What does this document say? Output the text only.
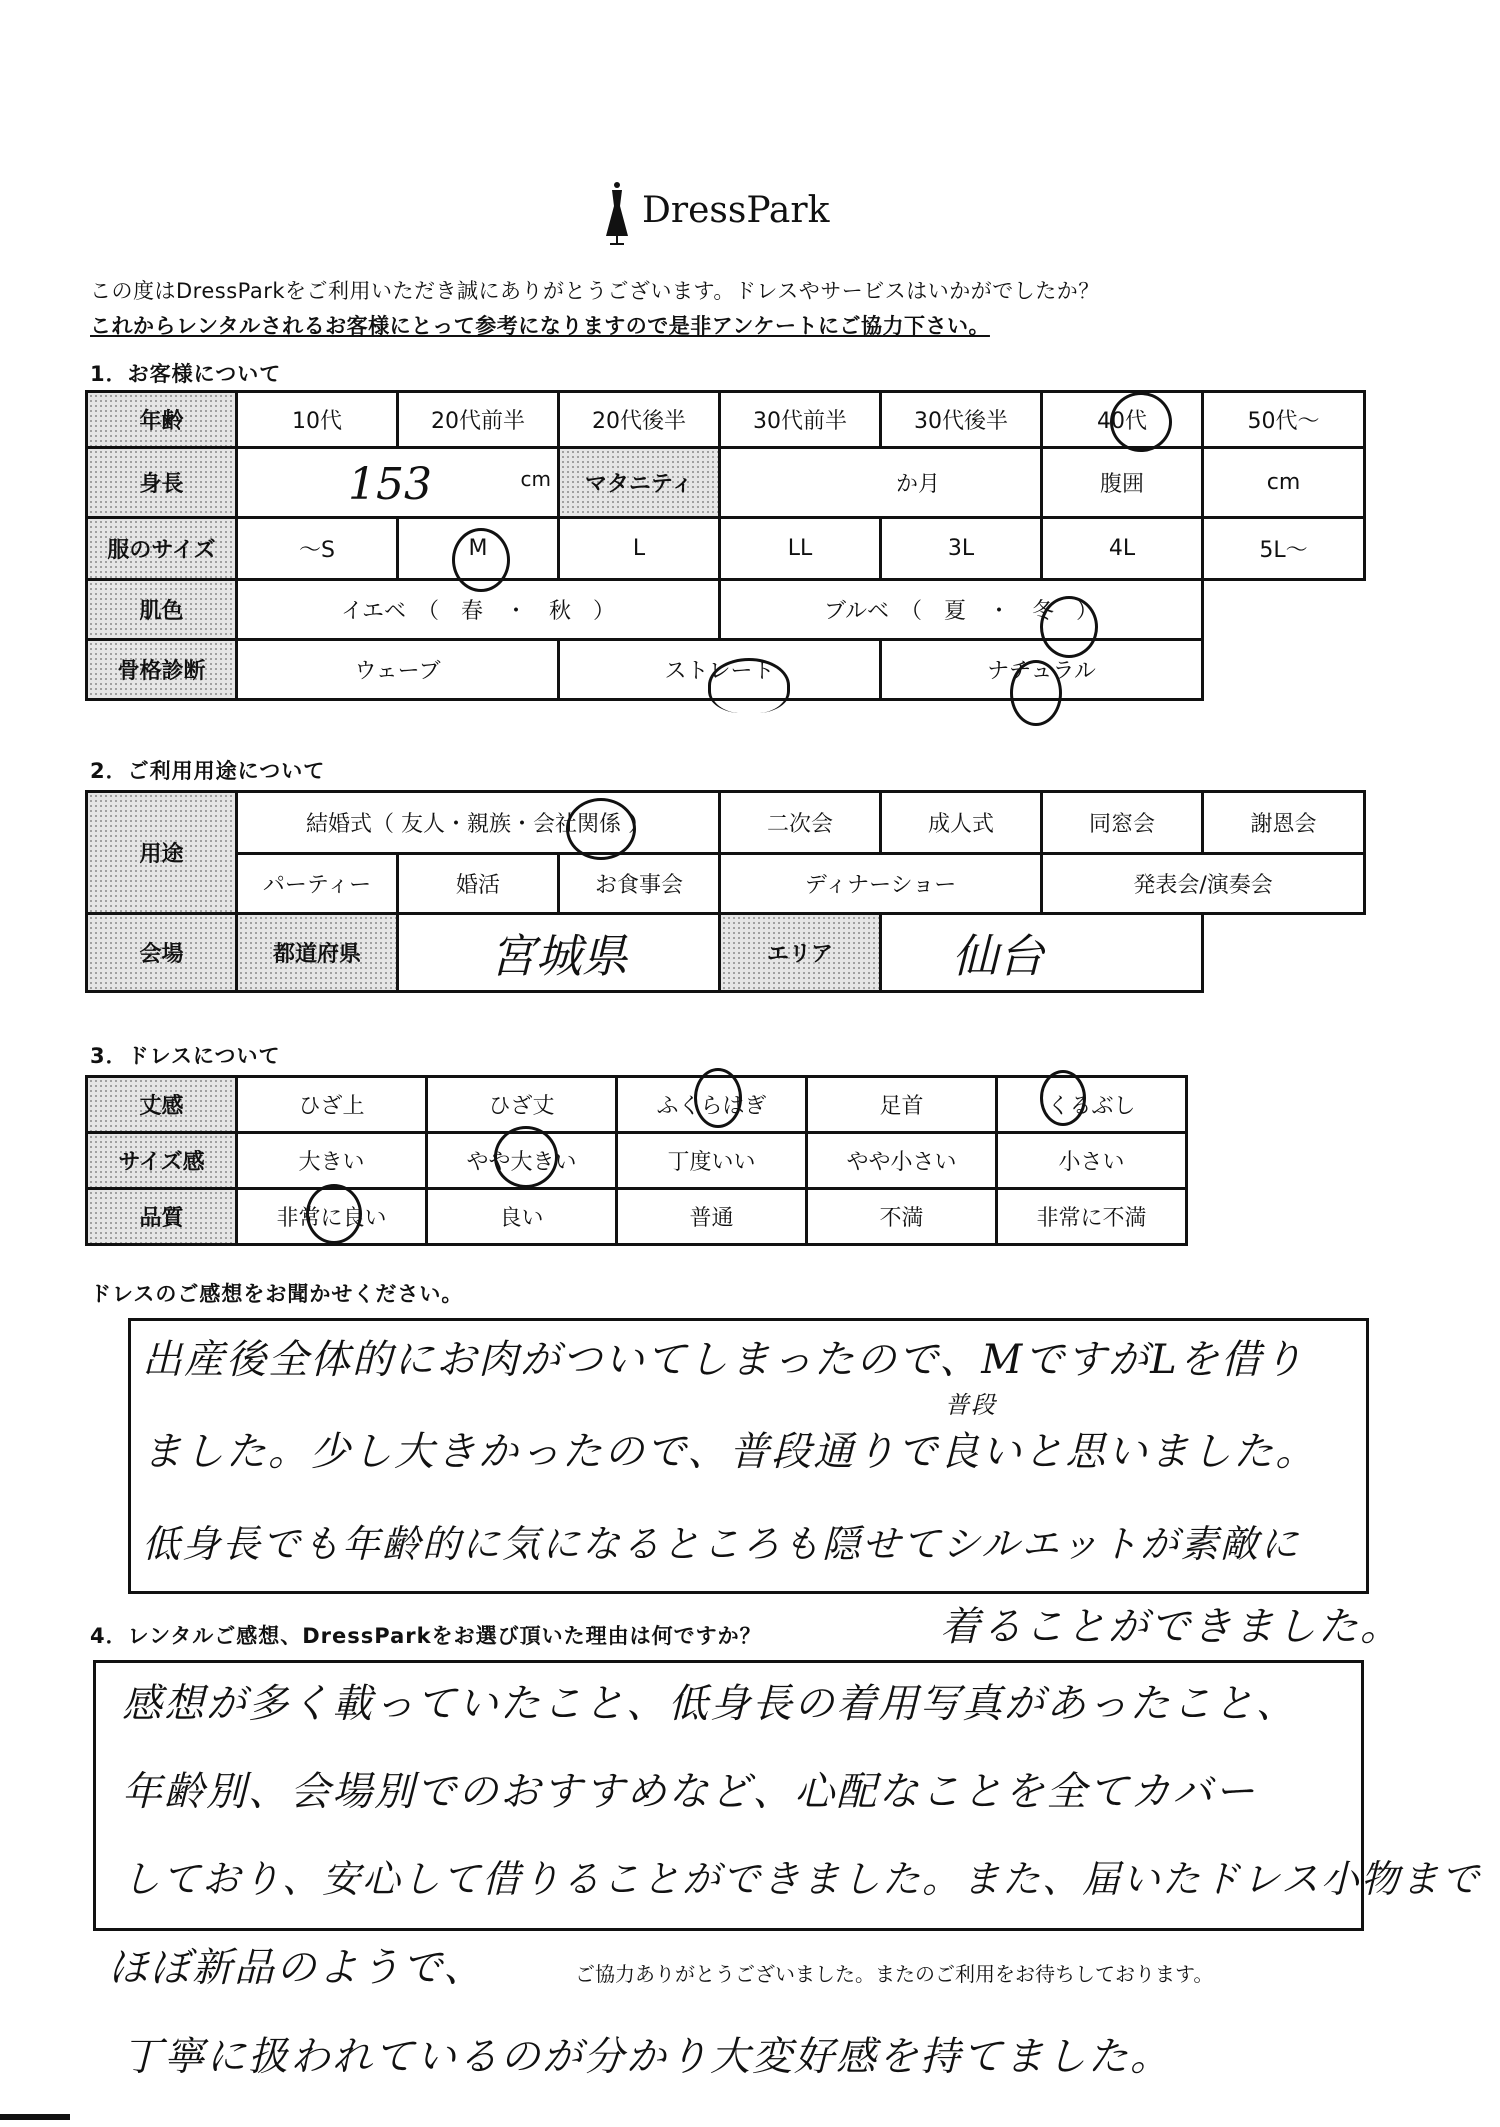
DressPark
この度はDressParkをご利用いただき誠にありがとうございます。ドレスやサービスはいかがでしたか？
これからレンタルされるお客様にとって参考になりますので是非アンケートにご協力下さい。
1．お客様について
年齢	10代	20代前半	20代後半	30代前半	30代後半	40代	50代～
身長	153 cm		マタニティ	か月		腹囲	cm
服のサイズ	～S	M	L	LL	3L	4L	5L～
肌色	イエベ　（　春　・　秋　）			ブルベ　（　夏　・　冬　）			
骨格診断	ウェーブ		ストレート		ナチュラル		
2．ご利用用途について
用途	結婚式（ 友人・親族・会社関係 ）			二次会	成人式	同窓会	謝恩会
	パーティー	婚活	お食事会	ディナーショー		発表会/演奏会	
会場	都道府県	宮城県		エリア	仙台		
3．ドレスについて
丈感	ひざ上	ひざ丈	ふくらはぎ	足首	くるぶし
サイズ感	大きい	やや大きい	丁度いい	やや小さい	小さい
品質	非常に良い	良い	普通	不満	非常に不満
ドレスのご感想をお聞かせください。
出産後全体的にお肉がついてしまったので、MですがLを借り
ました。少し大きかったので、普段通りで良いと思いました。
普段
低身長でも年齢的に気になるところも隠せてシルエットが素敵に
着ることができました。
4．レンタルご感想、DressParkをお選び頂いた理由は何ですか？
感想が多く載っていたこと、低身長の着用写真があったこと、
年齢別、会場別でのおすすめなど、心配なことを全てカバー
しており、安心して借りることができました。また、届いたドレス小物まで
ほぼ新品のようで、	ご協力ありがとうございました。またのご利用をお待ちしております。
丁寧に扱われているのが分かり大変好感を持てました。
